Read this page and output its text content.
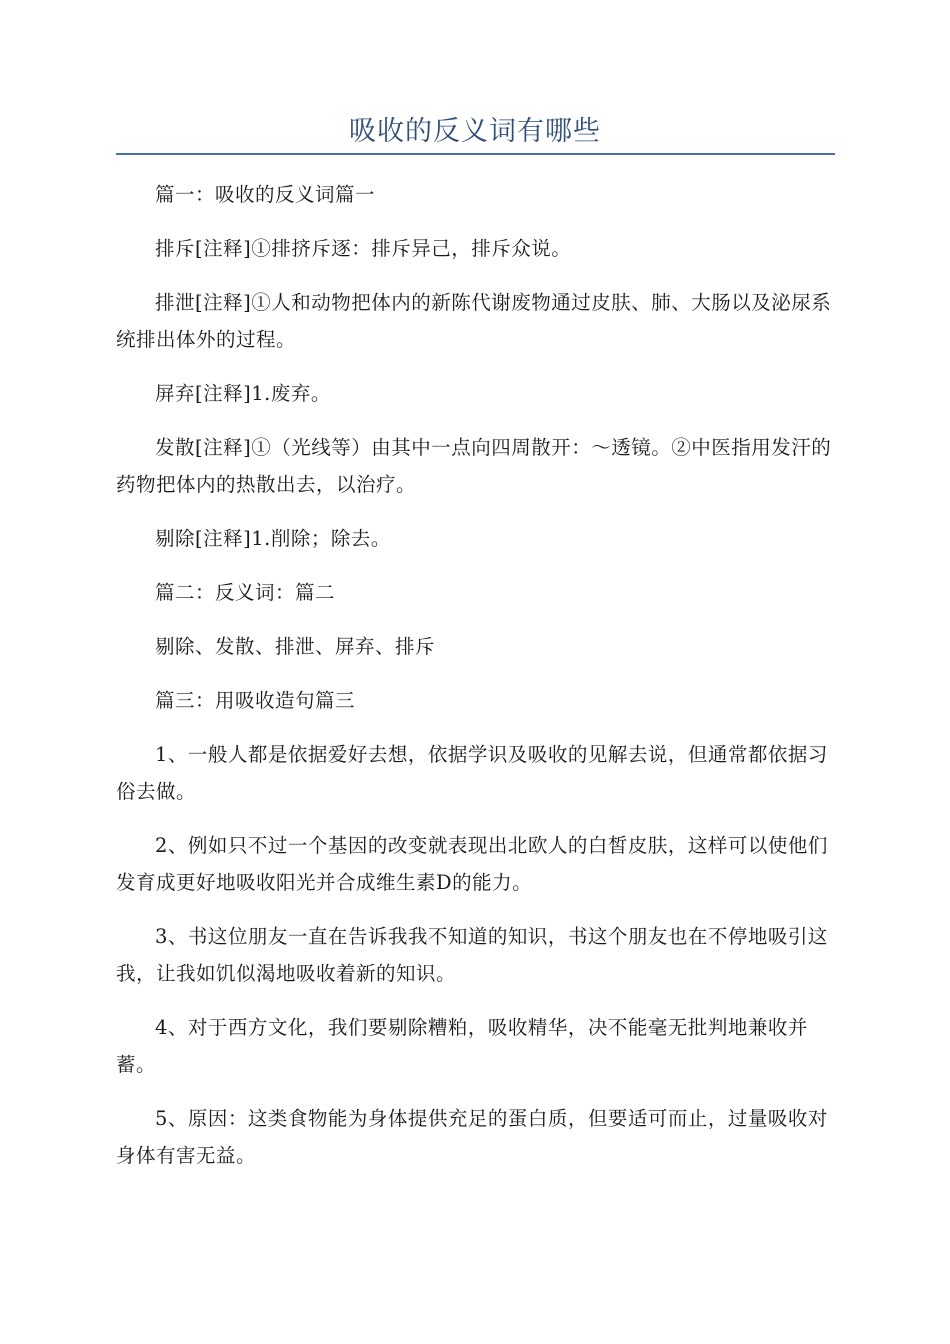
吸收的反义词有哪些

篇一：吸收的反义词篇一

排斥[注释]①排挤斥逐：排斥异己，排斥众说。

排泄[注释]①人和动物把体内的新陈代谢废物通过皮肤、肺、大肠以及泌尿系统排出体外的过程。

屏弃[注释]1.废弃。

发散[注释]①（光线等）由其中一点向四周散开：～透镜。②中医指用发汗的药物把体内的热散出去，以治疗。

剔除[注释]1.削除；除去。

篇二：反义词：篇二

剔除、发散、排泄、屏弃、排斥

篇三：用吸收造句篇三

1、一般人都是依据爱好去想，依据学识及吸收的见解去说，但通常都依据习俗去做。

2、例如只不过一个基因的改变就表现出北欧人的白皙皮肤，这样可以使他们发育成更好地吸收阳光并合成维生素D的能力。

3、书这位朋友一直在告诉我我不知道的知识，书这个朋友也在不停地吸引这我，让我如饥似渴地吸收着新的知识。

4、对于西方文化，我们要剔除糟粕，吸收精华，决不能毫无批判地兼收并蓄。

5、原因：这类食物能为身体提供充足的蛋白质，但要适可而止，过量吸收对身体有害无益。
